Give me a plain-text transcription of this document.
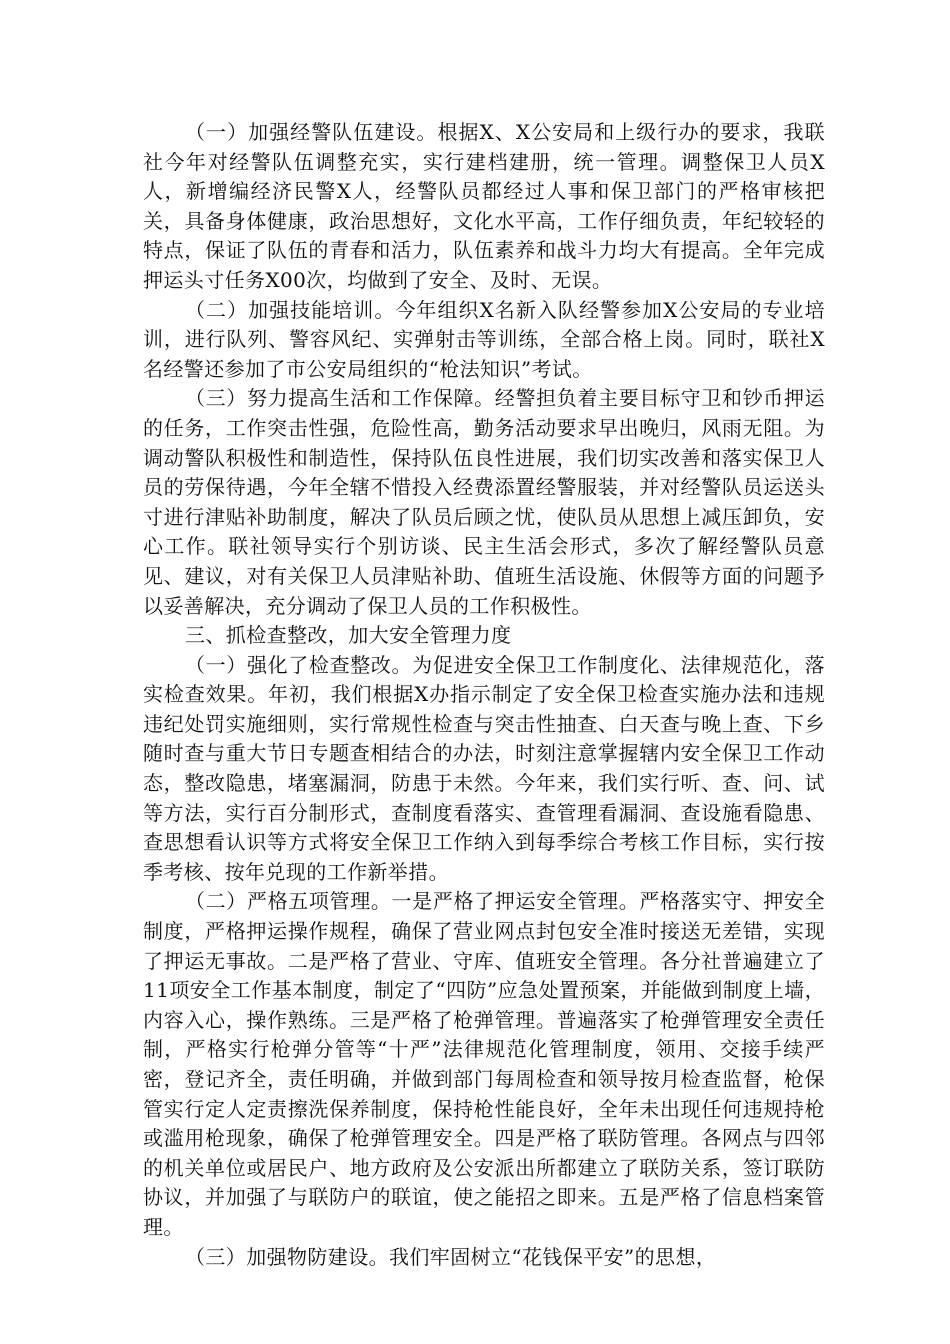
（一）加强经警队伍建设。根据X、X公安局和上级行办的要求，我联社今年对经警队伍调整充实，实行建档建册，统一管理。调整保卫人员X人，新增编经济民警X人，经警队员都经过人事和保卫部门的严格审核把关，具备身体健康，政治思想好，文化水平高，工作仔细负责，年纪较轻的特点，保证了队伍的青春和活力，队伍素养和战斗力均大有提高。全年完成押运头寸任务X00次，均做到了安全、及时、无误。

（二）加强技能培训。今年组织X名新入队经警参加X公安局的专业培训，进行队列、警容风纪、实弹射击等训练，全部合格上岗。同时，联社X名经警还参加了市公安局组织的“枪法知识”考试。

（三）努力提高生活和工作保障。经警担负着主要目标守卫和钞币押运的任务，工作突击性强，危险性高，勤务活动要求早出晚归，风雨无阻。为调动警队积极性和制造性，保持队伍良性进展，我们切实改善和落实保卫人员的劳保待遇，今年全辖不惜投入经费添置经警服装，并对经警队员运送头寸进行津贴补助制度，解决了队员后顾之忧，使队员从思想上减压卸负，安心工作。联社领导实行个别访谈、民主生活会形式，多次了解经警队员意见、建议，对有关保卫人员津贴补助、值班生活设施、休假等方面的问题予以妥善解决，充分调动了保卫人员的工作积极性。

三、抓检查整改，加大安全管理力度

（一）强化了检查整改。为促进安全保卫工作制度化、法律规范化，落实检查效果。年初，我们根据X办指示制定了安全保卫检查实施办法和违规违纪处罚实施细则，实行常规性检查与突击性抽查、白天查与晚上查、下乡随时查与重大节日专题查相结合的办法，时刻注意掌握辖内安全保卫工作动态，整改隐患，堵塞漏洞，防患于未然。今年来，我们实行听、查、问、试等方法，实行百分制形式，查制度看落实、查管理看漏洞、查设施看隐患、查思想看认识等方式将安全保卫工作纳入到每季综合考核工作目标，实行按季考核、按年兑现的工作新举措。

（二）严格五项管理。一是严格了押运安全管理。严格落实守、押安全制度，严格押运操作规程，确保了营业网点封包安全准时接送无差错，实现了押运无事故。二是严格了营业、守库、值班安全管理。各分社普遍建立了11项安全工作基本制度，制定了“四防”应急处置预案，并能做到制度上墙，内容入心，操作熟练。三是严格了枪弹管理。普遍落实了枪弹管理安全责任制，严格实行枪弹分管等“十严”法律规范化管理制度，领用、交接手续严密，登记齐全，责任明确，并做到部门每周检查和领导按月检查监督，枪保管实行定人定责擦洗保养制度，保持枪性能良好，全年未出现任何违规持枪或滥用枪现象，确保了枪弹管理安全。四是严格了联防管理。各网点与四邻的机关单位或居民户、地方政府及公安派出所都建立了联防关系，签订联防协议，并加强了与联防户的联谊，使之能招之即来。五是严格了信息档案管理。

（三）加强物防建设。我们牢固树立“花钱保平安”的思想，
